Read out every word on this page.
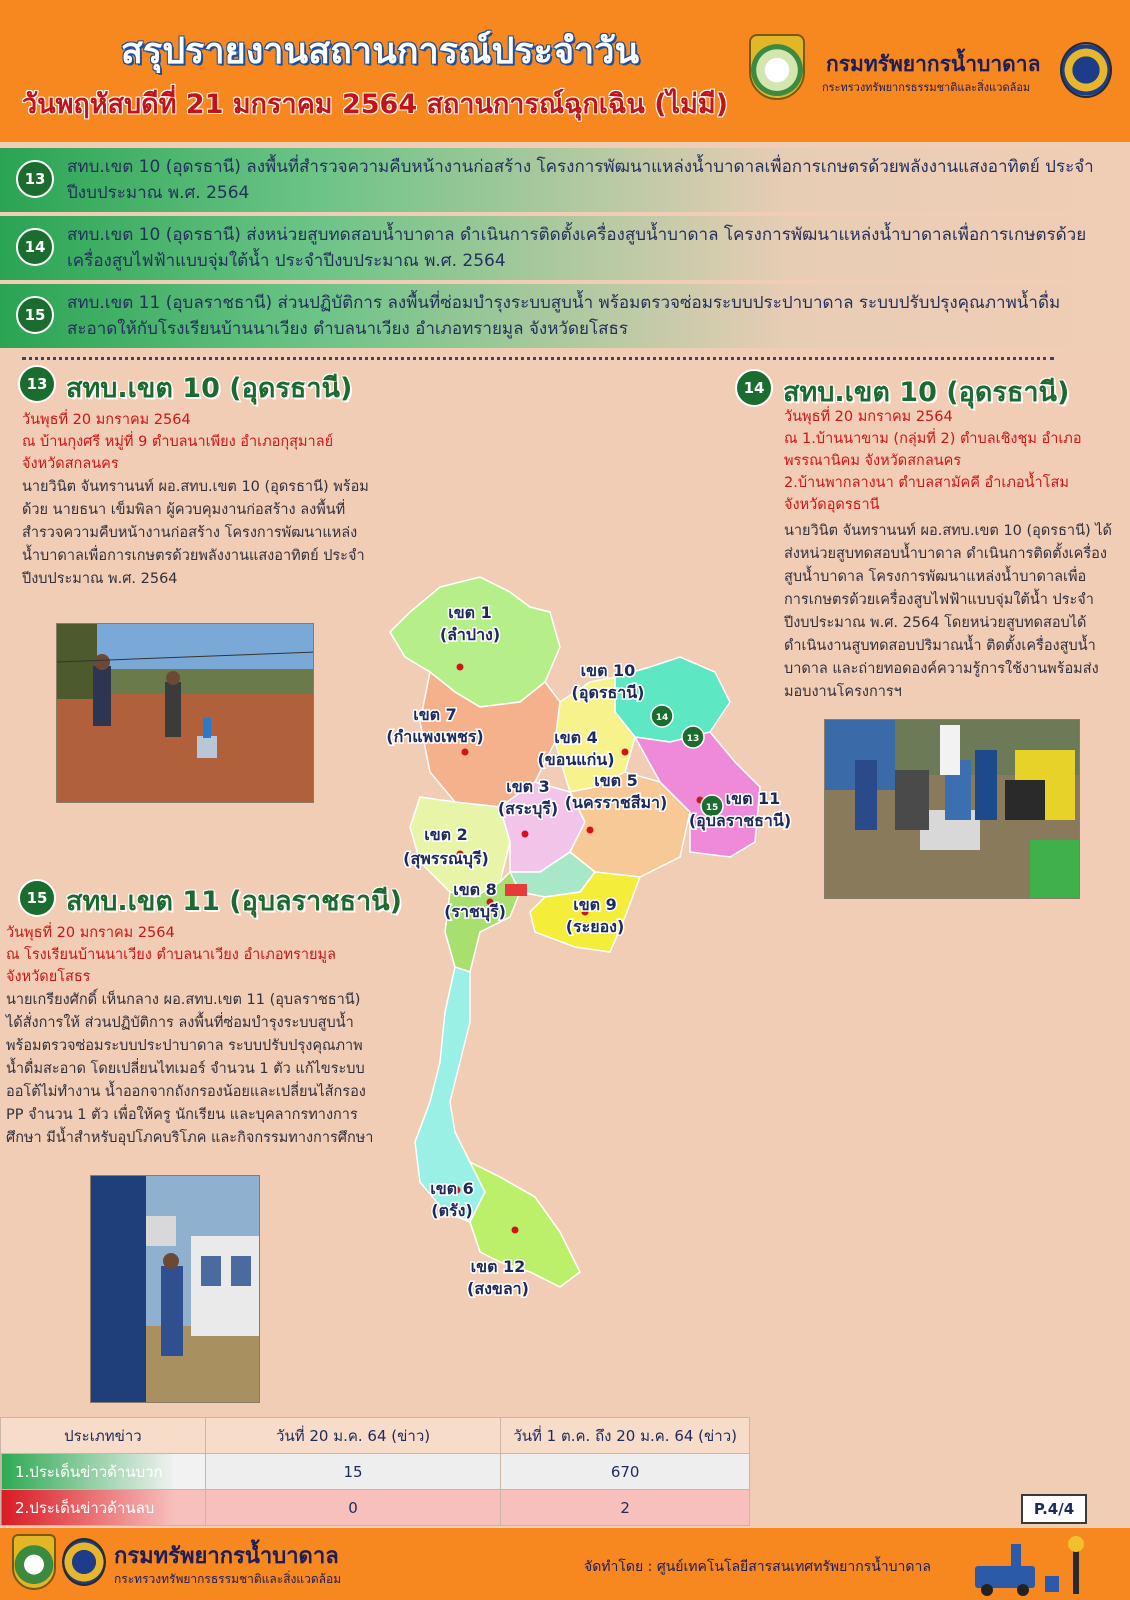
สรุปรายงานสถานการณ์ประจำวัน
วันพฤหัสบดีที่ 21 มกราคม 2564 สถานการณ์ฉุกเฉิน (ไม่มี)
กรมทรัพยากรน้ำบาดาล
กระทรวงทรัพยากรธรรมชาติและสิ่งแวดล้อม
13
สทบ.เขต 10 (อุดรธานี) ลงพื้นที่สำรวจความคืบหน้างานก่อสร้าง โครงการพัฒนาแหล่งน้ำบาดาลเพื่อการเกษตรด้วยพลังงานแสงอาทิตย์ ประจำปีงบประมาณ พ.ศ. 2564
14
สทบ.เขต 10 (อุดรธานี) ส่งหน่วยสูบทดสอบน้ำบาดาล ดำเนินการติดตั้งเครื่องสูบน้ำบาดาล โครงการพัฒนาแหล่งน้ำบาดาลเพื่อการเกษตรด้วยเครื่องสูบไฟฟ้าแบบจุ่มใต้น้ำ ประจำปีงบประมาณ พ.ศ. 2564
15
สทบ.เขต 11 (อุบลราชธานี) ส่วนปฏิบัติการ ลงพื้นที่ซ่อมบำรุงระบบสูบน้ำ พร้อมตรวจซ่อมระบบประปาบาดาล ระบบปรับปรุงคุณภาพน้ำดื่มสะอาดให้กับโรงเรียนบ้านนาเวียง ตำบลนาเวียง อำเภอทรายมูล จังหวัดยโสธร
13 สทบ.เขต 10 (อุดรธานี)
วันพุธที่ 20 มกราคม 2564
ณ บ้านกุงศรี หมู่ที่ 9 ตำบลนาเพียง อำเภอกุสุมาลย์ จังหวัดสกลนคร
นายวินิต จันทรานนท์ ผอ.สทบ.เขต 10 (อุดรธานี) พร้อมด้วย นายธนา เข็มพิลา ผู้ควบคุมงานก่อสร้าง ลงพื้นที่สำรวจความคืบหน้างานก่อสร้าง โครงการพัฒนาแหล่งน้ำบาดาลเพื่อการเกษตรด้วยพลังงานแสงอาทิตย์ ประจำปีงบประมาณ พ.ศ. 2564
14 สทบ.เขต 10 (อุดรธานี)
วันพุธที่ 20 มกราคม 2564
ณ 1.บ้านนาขาม (กลุ่มที่ 2) ตำบลเชิงชุม อำเภอพรรณานิคม จังหวัดสกลนคร
2.บ้านพากลางนา ตำบลสามัคคี อำเภอน้ำโสม จังหวัดอุดรธานี
นายวินิต จันทรานนท์ ผอ.สทบ.เขต 10 (อุดรธานี) ได้ส่งหน่วยสูบทดสอบน้ำบาดาล ดำเนินการติดตั้งเครื่องสูบน้ำบาดาล โครงการพัฒนาแหล่งน้ำบาดาลเพื่อการเกษตรด้วยเครื่องสูบไฟฟ้าแบบจุ่มใต้น้ำ ประจำปีงบประมาณ พ.ศ. 2564 โดยหน่วยสูบทดสอบได้ดำเนินงานสูบทดสอบปริมาณน้ำ ติดตั้งเครื่องสูบน้ำบาดาล และถ่ายทอดองค์ความรู้การใช้งานพร้อมส่งมอบงานโครงการฯ
14
13
15
เขต 1
(ลำปาง)
เขต 7
(กำแพงเพชร)
เขต 10
(อุดรธานี)
เขต 4
(ขอนแก่น)
เขต 3
(สระบุรี)
เขต 5
(นครราชสีมา)	เขต 11
(อุบลราชธานี)
เขต 2
(สุพรรณบุรี)
เขต 8
(ราชบุรี)	เขต 9
(ระยอง)
เขต 6
(ตรัง)
เขต 12
(สงขลา)
15 สทบ.เขต 11 (อุบลราชธานี)
วันพุธที่ 20 มกราคม 2564
ณ โรงเรียนบ้านนาเวียง ตำบลนาเวียง อำเภอทรายมูล จังหวัดยโสธร
นายเกรียงศักดิ์ เห็นกลาง ผอ.สทบ.เขต 11 (อุบลราชธานี) ได้สั่งการให้ ส่วนปฏิบัติการ ลงพื้นที่ซ่อมบำรุงระบบสูบน้ำ พร้อมตรวจซ่อมระบบประปาบาดาล ระบบปรับปรุงคุณภาพน้ำดื่มสะอาด โดยเปลี่ยนไทเมอร์ จำนวน 1 ตัว แก้ไขระบบออโต้ไม่ทำงาน น้ำออกจากถังกรองน้อยและเปลี่ยนไส้กรอง PP จำนวน 1 ตัว เพื่อให้ครู นักเรียน และบุคลากรทางการศึกษา มีน้ำสำหรับอุปโภคบริโภค และกิจกรรมทางการศึกษา
ประเภทข่าว	วันที่ 20 ม.ค. 64 (ข่าว)	วันที่ 1 ต.ค. ถึง 20 ม.ค. 64 (ข่าว)
1.ประเด็นข่าวด้านบวก	15	670
2.ประเด็นข่าวด้านลบ	0	2	P.4/4
กรมทรัพยากรน้ำบาดาล
กระทรวงทรัพยากรธรรมชาติและสิ่งแวดล้อม
จัดทำโดย : ศูนย์เทคโนโลยีสารสนเทศทรัพยากรน้ำบาดาล
